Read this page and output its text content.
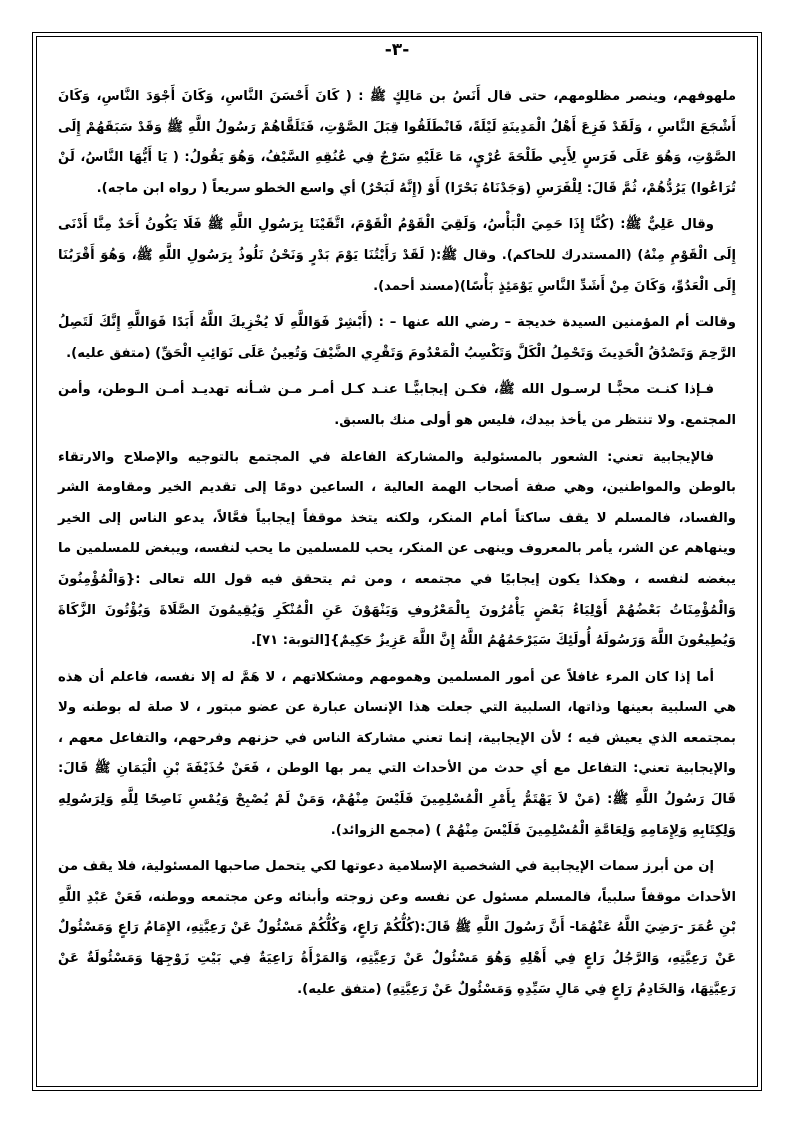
-٣-

ملهوفهم، وينصر مظلومهم، حتى قال أَنَسُ بن مَالِكٍ ﷺ : ( كَانَ أَحْسَنَ النَّاسِ، وَكَانَ أَجْوَدَ النَّاسِ، وَكَانَ أَشْجَعَ النَّاسِ ، وَلَقَدْ فَزِعَ أَهْلُ الْمَدِينَةِ لَيْلَةً، فَانْطَلَقُوا قِبَلَ الصَّوْتِ، فَتَلَقَّاهُمْ رَسُولُ اللَّهِ ﷺ وَقَدْ سَبَقَهُمْ إِلَى الصَّوْتِ، وَهُوَ عَلَى فَرَسٍ لِأَبِي طَلْحَةَ عُرْيٍ، مَا عَلَيْهِ سَرْجٌ فِي عُنُقِهِ السَّيْفُ، وَهُوَ يَقُولُ: ( يَا أَيُّهَا النَّاسُ، لَنْ تُرَاعُوا) يَرُدُّهُمْ، ثُمَّ قَالَ: لِلْفَرَسِ (وَجَدْنَاهُ بَحْرًا) أَوْ (إِنَّهُ لَبَحْرٌ) أي واسع الخطو سريعاً ( رواه ابن ماجه).

وقال عَلِيٌّ ﷺ: (كُنَّا إِذَا حَمِيَ الْبَأْسُ، وَلَقِيَ الْقَوْمُ الْقَوْمَ، اتَّقَيْنَا بِرَسُولِ اللَّهِ ﷺ فَلَا يَكُونُ أَحَدٌ مِنَّا أَدْنَى إِلَى الْقَوْمِ مِنْهُ) (المستدرك للحاكم). وقال ﷺ:( لَقَدْ رَأَيْتُنَا يَوْمَ بَدْرٍ وَنَحْنُ نَلُوذُ بِرَسُولِ اللَّهِ ﷺ، وَهُوَ أَقْرَبُنَا إِلَى الْعَدُوِّ، وَكَانَ مِنْ أَشَدِّ النَّاسِ يَوْمَئِذٍ بَأْسًا)(مسند أحمد).

وقالت أم المؤمنين السيدة خديجة – رضي الله عنها – : (أَبْشِرْ فَوَاللَّهِ لَا يُخْزِيكَ اللَّهُ أَبَدًا فَوَاللَّهِ إِنَّكَ لَتَصِلُ الرَّحِمَ وَتَصْدُقُ الْحَدِيثَ وَتَحْمِلُ الْكَلَّ وَتَكْسِبُ الْمَعْدُومَ وَتَقْرِي الضَّيْفَ وَتُعِينُ عَلَى نَوَائِبِ الْحَقِّ) (متفق عليه).

فـإذا كنـت محبًّـا لرسـول الله ﷺ، فكـن إيجابيًّـا عنـد كـل أمـر مـن شـأنه تهديـد أمـن الـوطن، وأمن المجتمع. ولا تنتظر من يأخذ بيدك، فليس هو أولى منك بالسبق.

فالإيجابية تعني: الشعور بالمسئولية والمشاركة الفاعلة في المجتمع بالتوجيه والإصلاح والارتقاء بالوطن والمواطنين، وهي صفة أصحاب الهمة العالية ، الساعين دومًا إلى تقديم الخير ومقاومة الشر والفساد، فالمسلم لا يقف ساكتاً أمام المنكر، ولكنه يتخذ موقفاً إيجابياً فعَّالاً، يدعو الناس إلى الخير وينهاهم عن الشر، يأمر بالمعروف وينهى عن المنكر، يحب للمسلمين ما يحب لنفسه، ويبغض للمسلمين ما يبغضه لنفسه ، وهكذا يكون إيجابيًا في مجتمعه ، ومن ثم يتحقق فيه قول الله تعالى :{وَالْمُؤْمِنُونَ وَالْمُؤْمِنَاتُ بَعْضُهُمْ أَوْلِيَاءُ بَعْضٍ يَأْمُرُونَ بِالْمَعْرُوفِ وَيَنْهَوْنَ عَنِ الْمُنْكَرِ وَيُقِيمُونَ الصَّلَاةَ وَيُؤْتُونَ الزَّكَاةَ وَيُطِيعُونَ اللَّهَ وَرَسُولَهُ أُولَئِكَ سَيَرْحَمُهُمُ اللَّهُ إِنَّ اللَّهَ عَزِيزٌ حَكِيمٌ}[التوبة: ٧١].

أما إذا كان المرء غافلاً عن أمور المسلمين وهمومهم ومشكلاتهم ، لا هَمَّ له إلا نفسه، فاعلم أن هذه هي السلبية بعينها وذاتها، السلبية التي جعلت هذا الإنسان عبارة عن عضو مبتور ، لا صلة له بوطنه ولا بمجتمعه الذي يعيش فيه ؛ لأن الإيجابية، إنما تعني مشاركة الناس في حزنهم وفرحهم، والتفاعل معهم ، والإيجابية تعني: التفاعل مع أي حدث من الأحداث التي يمر بها الوطن ، فَعَنْ حُذَيْفَةَ بْنِ الْيَمَانِ ﷺ قَالَ: قَالَ رَسُولُ اللَّهِ ﷺ: (مَنْ لاَ يَهْتَمُّ بِأَمْرِ الْمُسْلِمِينَ فَلَيْسَ مِنْهُمْ، وَمَنْ لَمْ يُصْبِحْ وَيُمْسِ نَاصِحًا لِلَّهِ وَلِرَسُولِهِ وَلِكِتَابِهِ وَلِإِمَامِهِ وَلِعَامَّةِ الْمُسْلِمِينَ فَلَيْسَ مِنْهُمْ ) (مجمع الزوائد).

إن من أبرز سمات الإيجابية في الشخصية الإسلامية دعوتها لكي يتحمل صاحبها المسئولية، فلا يقف من الأحداث موقفاً سلبياً، فالمسلم مسئول عن نفسه وعن زوجته وأبنائه وعن مجتمعه ووطنه، فَعَنْ عَبْدِ اللَّهِ بْنِ عُمَرَ -رَضِيَ اللَّهُ عَنْهُمَا- أَنَّ رَسُولَ اللَّهِ ﷺ قَالَ:(كُلُّكُمْ رَاعٍ، وَكُلُّكُمْ مَسْئُولٌ عَنْ رَعِيَّتِهِ، الإِمَامُ رَاعٍ وَمَسْئُولٌ عَنْ رَعِيَّتِهِ، وَالرَّجُلُ رَاعٍ فِي أَهْلِهِ وَهُوَ مَسْئُولٌ عَنْ رَعِيَّتِهِ، وَالمَرْأَةُ رَاعِيَةٌ فِي بَيْتِ زَوْجِهَا وَمَسْئُولَةٌ عَنْ رَعِيَّتِهَا، وَالخَادِمُ رَاعٍ فِي مَالِ سَيِّدِهِ وَمَسْئُولٌ عَنْ رَعِيَّتِهِ) (متفق عليه).
